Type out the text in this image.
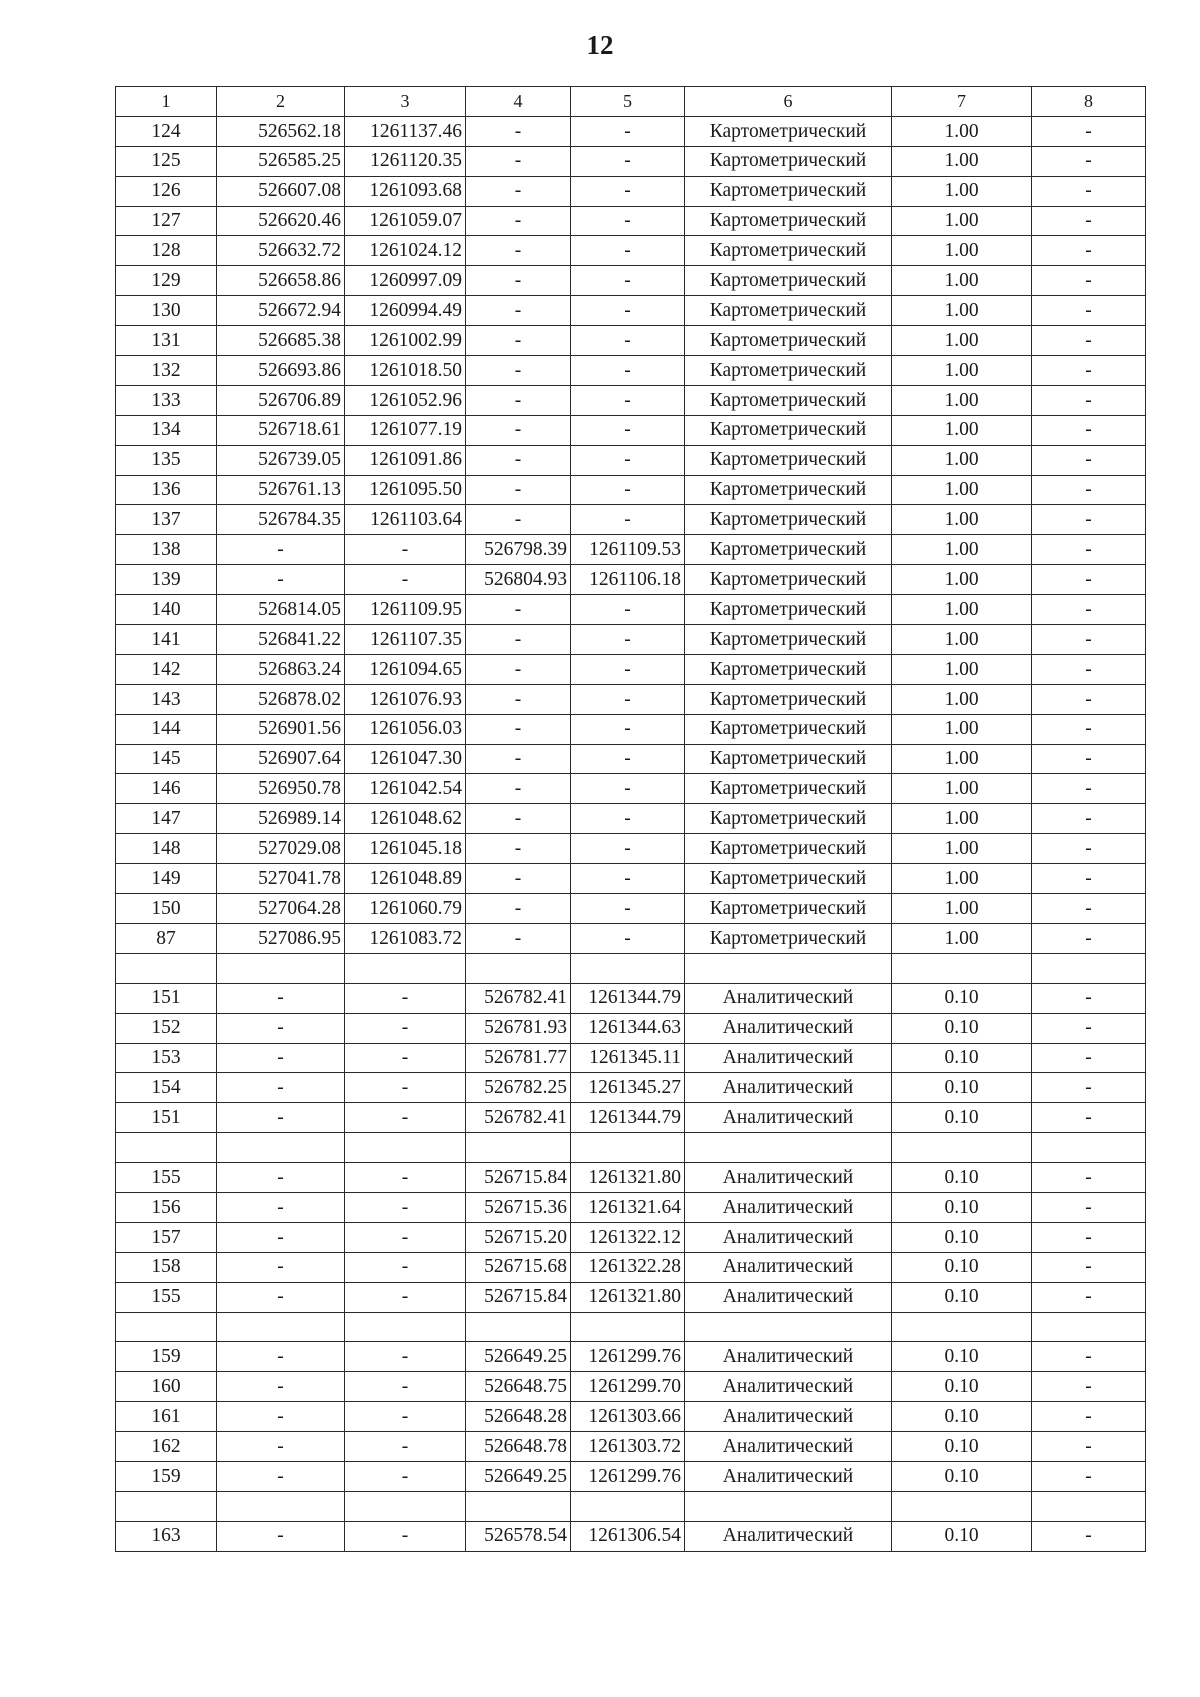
12
1	2	3	4	5	6	7	8
124	526562.18	1261137.46	-	-	Картометрический	1.00	-
125	526585.25	1261120.35	-	-	Картометрический	1.00	-
126	526607.08	1261093.68	-	-	Картометрический	1.00	-
127	526620.46	1261059.07	-	-	Картометрический	1.00	-
128	526632.72	1261024.12	-	-	Картометрический	1.00	-
129	526658.86	1260997.09	-	-	Картометрический	1.00	-
130	526672.94	1260994.49	-	-	Картометрический	1.00	-
131	526685.38	1261002.99	-	-	Картометрический	1.00	-
132	526693.86	1261018.50	-	-	Картометрический	1.00	-
133	526706.89	1261052.96	-	-	Картометрический	1.00	-
134	526718.61	1261077.19	-	-	Картометрический	1.00	-
135	526739.05	1261091.86	-	-	Картометрический	1.00	-
136	526761.13	1261095.50	-	-	Картометрический	1.00	-
137	526784.35	1261103.64	-	-	Картометрический	1.00	-
138	-	-	526798.39	1261109.53	Картометрический	1.00	-
139	-	-	526804.93	1261106.18	Картометрический	1.00	-
140	526814.05	1261109.95	-	-	Картометрический	1.00	-
141	526841.22	1261107.35	-	-	Картометрический	1.00	-
142	526863.24	1261094.65	-	-	Картометрический	1.00	-
143	526878.02	1261076.93	-	-	Картометрический	1.00	-
144	526901.56	1261056.03	-	-	Картометрический	1.00	-
145	526907.64	1261047.30	-	-	Картометрический	1.00	-
146	526950.78	1261042.54	-	-	Картометрический	1.00	-
147	526989.14	1261048.62	-	-	Картометрический	1.00	-
148	527029.08	1261045.18	-	-	Картометрический	1.00	-
149	527041.78	1261048.89	-	-	Картометрический	1.00	-
150	527064.28	1261060.79	-	-	Картометрический	1.00	-
87	527086.95	1261083.72	-	-	Картометрический	1.00	-

151	-	-	526782.41	1261344.79	Аналитический	0.10	-
152	-	-	526781.93	1261344.63	Аналитический	0.10	-
153	-	-	526781.77	1261345.11	Аналитический	0.10	-
154	-	-	526782.25	1261345.27	Аналитический	0.10	-
151	-	-	526782.41	1261344.79	Аналитический	0.10	-

155	-	-	526715.84	1261321.80	Аналитический	0.10	-
156	-	-	526715.36	1261321.64	Аналитический	0.10	-
157	-	-	526715.20	1261322.12	Аналитический	0.10	-
158	-	-	526715.68	1261322.28	Аналитический	0.10	-
155	-	-	526715.84	1261321.80	Аналитический	0.10	-

159	-	-	526649.25	1261299.76	Аналитический	0.10	-
160	-	-	526648.75	1261299.70	Аналитический	0.10	-
161	-	-	526648.28	1261303.66	Аналитический	0.10	-
162	-	-	526648.78	1261303.72	Аналитический	0.10	-
159	-	-	526649.25	1261299.76	Аналитический	0.10	-

163	-	-	526578.54	1261306.54	Аналитический	0.10	-
